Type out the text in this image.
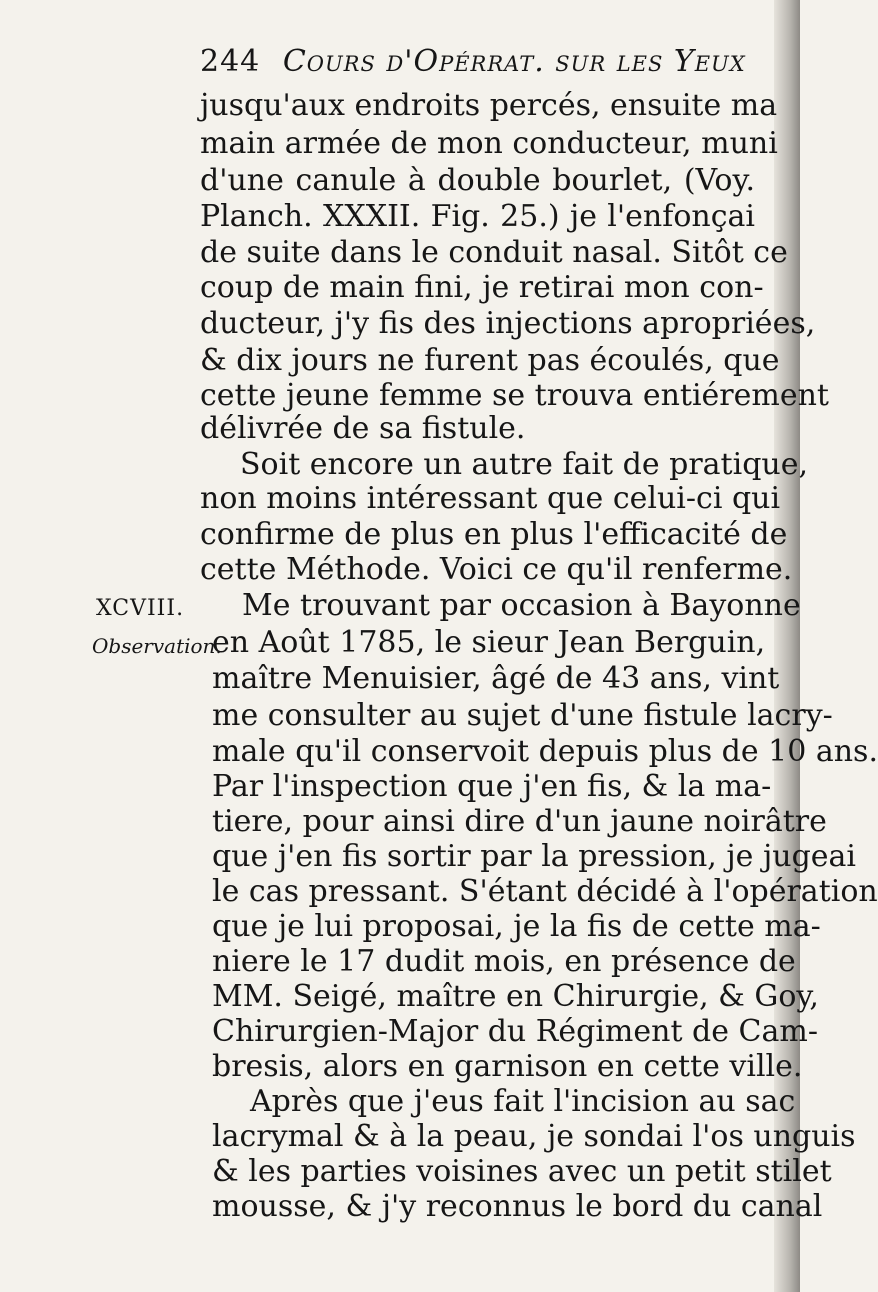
244 Cours d'Opérrat. sur les Yeux
XCVIII.
Observation.
jusqu'aux endroits percés, ensuite ma
main armée de mon conducteur, muni
d'une canule à double bourlet, (Voy.
Planch. XXXII. Fig. 25.) je l'enfonçai
de suite dans le conduit nasal. Sitôt ce
coup de main fini, je retirai mon con-
ducteur, j'y fis des injections apropriées,
& dix jours ne furent pas écoulés, que
cette jeune femme se trouva entiérement
délivrée de sa fistule.
Soit encore un autre fait de pratique,
non moins intéressant que celui-ci qui
confirme de plus en plus l'efficacité de
cette Méthode. Voici ce qu'il renferme.
Me trouvant par occasion à Bayonne
en Août 1785, le sieur Jean Berguin,
maître Menuisier, âgé de 43 ans, vint
me consulter au sujet d'une fistule lacry-
male qu'il conservoit depuis plus de 10 ans.
Par l'inspection que j'en fis, & la ma-
tiere, pour ainsi dire d'un jaune noirâtre
que j'en fis sortir par la pression, je jugeai
le cas pressant. S'étant décidé à l'opération
que je lui proposai, je la fis de cette ma-
niere le 17 dudit mois, en présence de
MM. Seigé, maître en Chirurgie, & Goy,
Chirurgien-Major du Régiment de Cam-
bresis, alors en garnison en cette ville.
Après que j'eus fait l'incision au sac
lacrymal & à la peau, je sondai l'os unguis
& les parties voisines avec un petit stilet
mousse, & j'y reconnus le bord du canal
